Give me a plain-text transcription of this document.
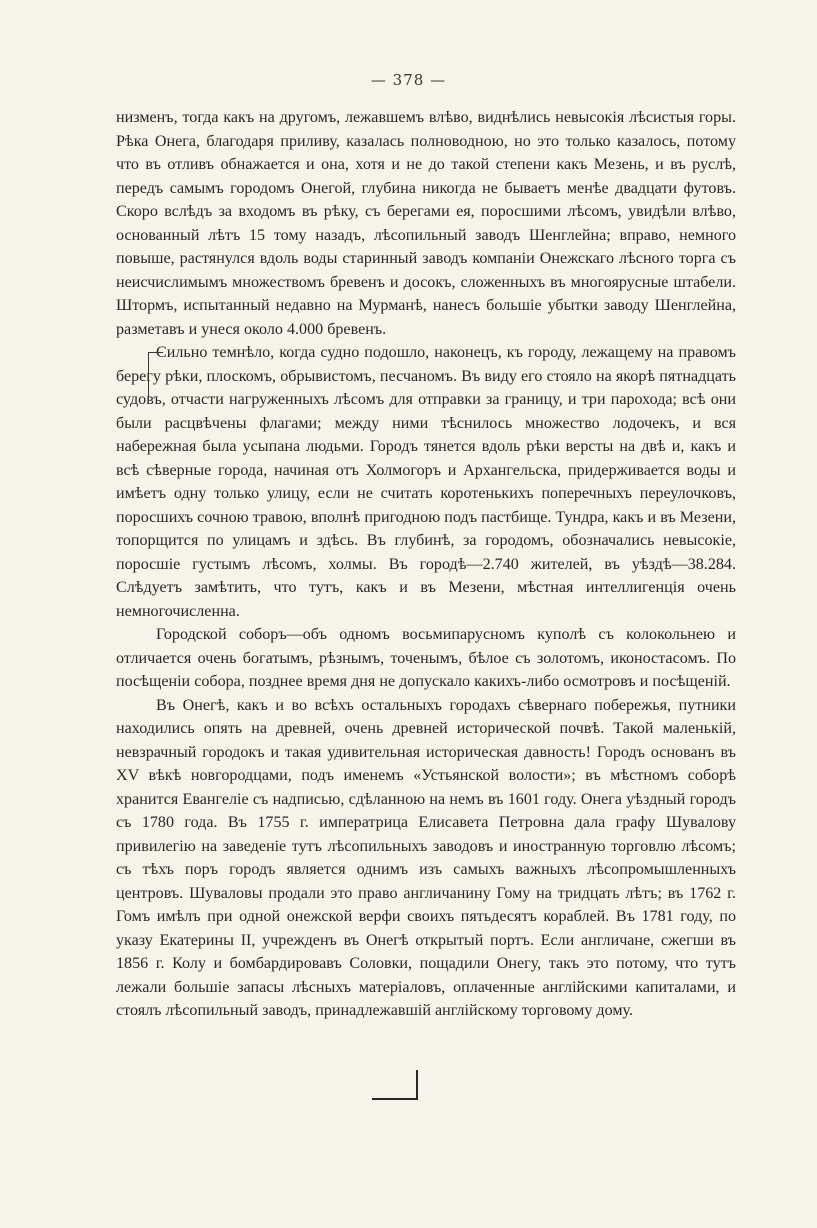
— 378 —

низменъ, тогда какъ на другомъ, лежавшемъ влѣво, виднѣлись невысокія лѣсистыя горы. Рѣка Онега, благодаря приливу, казалась полноводною, но это только казалось, потому что въ отливъ обнажается и она, хотя и не до такой степени какъ Мезень, и въ руслѣ, передъ самымъ городомъ Онегой, глубина никогда не бываетъ менѣе двадцати футовъ. Скоро вслѣдъ за входомъ въ рѣку, съ берегами ея, поросшими лѣсомъ, увидѣли влѣво, основанный лѣтъ 15 тому назадъ, лѣсопильный заводъ Шенглейна; вправо, немного повыше, растянулся вдоль воды старинный заводъ компаніи Онежскаго лѣсного торга съ неисчислимымъ множествомъ бревенъ и досокъ, сложенныхъ въ многоярусные штабели. Штормъ, испытанный недавно на Мурманѣ, нанесъ большіе убытки заводу Шенглейна, разметавъ и унеся около 4.000 бревенъ.

Сильно темнѣло, когда судно подошло, наконецъ, къ городу, лежащему на правомъ берегу рѣки, плоскомъ, обрывистомъ, песчаномъ. Въ виду его стояло на якорѣ пятнадцать судовъ, отчасти нагруженныхъ лѣсомъ для отправки за границу, и три парохода; всѣ они были расцвѣчены флагами; между ними тѣснилось множество лодочекъ, и вся набережная была усыпана людьми. Городъ тянется вдоль рѣки версты на двѣ и, какъ и всѣ сѣверные города, начиная отъ Холмогоръ и Архангельска, придерживается воды и имѣетъ одну только улицу, если не считать коротенькихъ поперечныхъ переулочковъ, поросшихъ сочною травою, вполнѣ пригодною подъ пастбище. Тундра, какъ и въ Мезени, топорщится по улицамъ и здѣсь. Въ глубинѣ, за городомъ, обозначались невысокіе, поросшіе густымъ лѣсомъ, холмы. Въ городѣ—2.740 жителей, въ уѣздѣ—38.284. Слѣдуетъ замѣтить, что тутъ, какъ и въ Мезени, мѣстная интеллигенція очень немногочисленна.

Городской соборъ—объ одномъ восьмипарусномъ куполѣ съ колокольнею и отличается очень богатымъ, рѣзнымъ, точенымъ, бѣлое съ золотомъ, иконостасомъ. По посѣщеніи собора, позднее время дня не допускало какихъ-либо осмотровъ и посѣщеній.

Въ Онегѣ, какъ и во всѣхъ остальныхъ городахъ сѣвернаго побережья, путники находились опять на древней, очень древней исторической почвѣ. Такой маленькій, невзрачный городокъ и такая удивительная историческая давность! Городъ основанъ въ XV вѣкѣ новгородцами, подъ именемъ «Устьянской волости»; въ мѣстномъ соборѣ хранится Евангеліе съ надписью, сдѣланною на немъ въ 1601 году. Онега уѣздный городъ съ 1780 года. Въ 1755 г. императрица Елисавета Петровна дала графу Шувалову привилегію на заведеніе тутъ лѣсопильныхъ заводовъ и иностранную торговлю лѣсомъ; съ тѣхъ поръ городъ является однимъ изъ самыхъ важныхъ лѣсопромышленныхъ центровъ. Шуваловы продали это право англичанину Гому на тридцать лѣтъ; въ 1762 г. Гомъ имѣлъ при одной онежской верфи своихъ пятьдесятъ кораблей. Въ 1781 году, по указу Екатерины II, учрежденъ въ Онегѣ открытый портъ. Если англичане, сжегши въ 1856 г. Колу и бомбардировавъ Соловки, пощадили Онегу, такъ это потому, что тутъ лежали большіе запасы лѣсныхъ матеріаловъ, оплаченные англійскими капиталами, и стоялъ лѣсопильный заводъ, принадлежавшій англійскому торговому дому.
